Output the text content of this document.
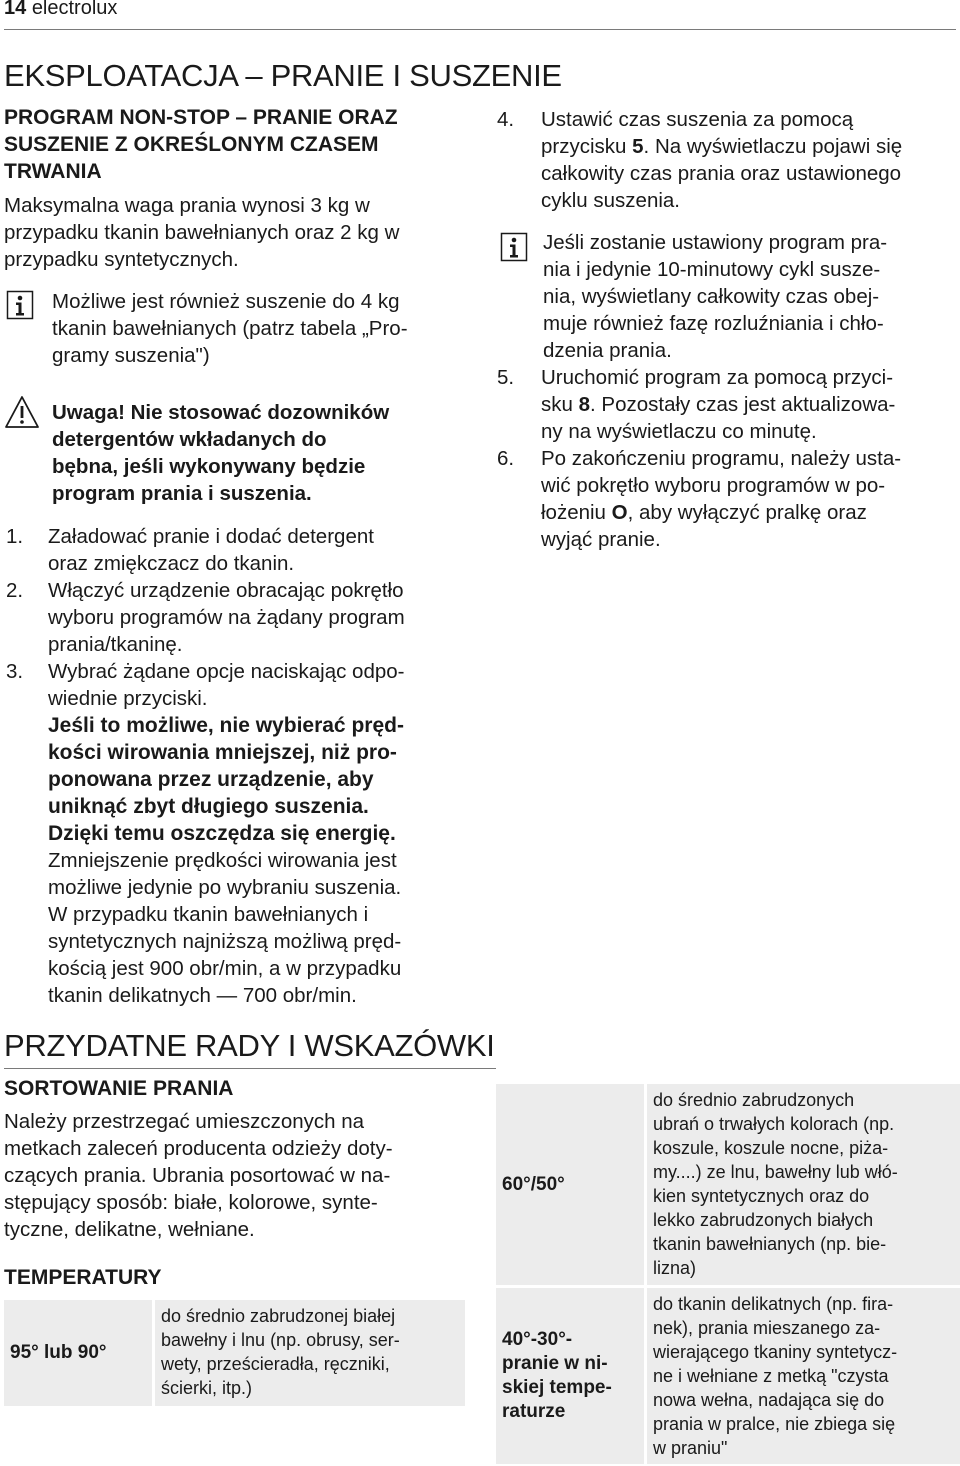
14 electrolux
EKSPLOATACJA – PRANIE I SUSZENIE
PROGRAM NON-STOP – PRANIE ORAZ
SUSZENIE Z OKREŚLONYM CZASEM
TRWANIA
Maksymalna waga prania wynosi 3 kg w
przypadku tkanin bawełnianych oraz 2 kg w
przypadku syntetycznych.
Możliwe jest również suszenie do 4 kg
tkanin bawełnianych (patrz tabela „Pro-
gramy suszenia")
Uwaga! Nie stosować dozowników
detergentów wkładanych do
bębna, jeśli wykonywany będzie
program prania i suszenia.
1. Załadować pranie i dodać detergent
oraz zmiękczacz do tkanin.
2. Włączyć urządzenie obracając pokrętło
wyboru programów na żądany program
prania/tkaninę.
3. Wybrać żądane opcje naciskając odpo-
wiednie przyciski.
Jeśli to możliwe, nie wybierać pręd-
kości wirowania mniejszej, niż pro-
ponowana przez urządzenie, aby
uniknąć zbyt długiego suszenia.
Dzięki temu oszczędza się energię.
Zmniejszenie prędkości wirowania jest
możliwe jedynie po wybraniu suszenia.
W przypadku tkanin bawełnianych i
syntetycznych najniższą możliwą pręd-
kością jest 900 obr/min, a w przypadku
tkanin delikatnych — 700 obr/min.
4. Ustawić czas suszenia za pomocą
przycisku 5. Na wyświetlaczu pojawi się
całkowity czas prania oraz ustawionego
cyklu suszenia.
Jeśli zostanie ustawiony program pra-
nia i jedynie 10-minutowy cykl susze-
nia, wyświetlany całkowity czas obej-
muje również fazę rozluźniania i chło-
dzenia prania.
5. Uruchomić program za pomocą przyci-
sku 8. Pozostały czas jest aktualizowa-
ny na wyświetlaczu co minutę.
6. Po zakończeniu programu, należy usta-
wić pokrętło wyboru programów w po-
łożeniu O, aby wyłączyć pralkę oraz
wyjąć pranie.
PRZYDATNE RADY I WSKAZÓWKI
SORTOWANIE PRANIA
Należy przestrzegać umieszczonych na
metkach zaleceń producenta odzieży doty-
czących prania. Ubrania posortować w na-
stępujący sposób: białe, kolorowe, synte-
tyczne, delikatne, wełniane.
TEMPERATURY
95° lub 90°
do średnio zabrudzonej białej
bawełny i lnu (np. obrusy, ser-
wety, prześcieradła, ręczniki,
ścierki, itp.)
60°/50°
do średnio zabrudzonych
ubrań o trwałych kolorach (np.
koszule, koszule nocne, piża-
my....) ze lnu, bawełny lub włó-
kien syntetycznych oraz do
lekko zabrudzonych białych
tkanin bawełnianych (np. bie-
lizna)
40°-30°-
pranie w ni-
skiej tempe-
raturze
do tkanin delikatnych (np. fira-
nek), prania mieszanego za-
wierającego tkaniny syntetycz-
ne i wełniane z metką "czysta
nowa wełna, nadająca się do
prania w pralce, nie zbiega się
w praniu"
